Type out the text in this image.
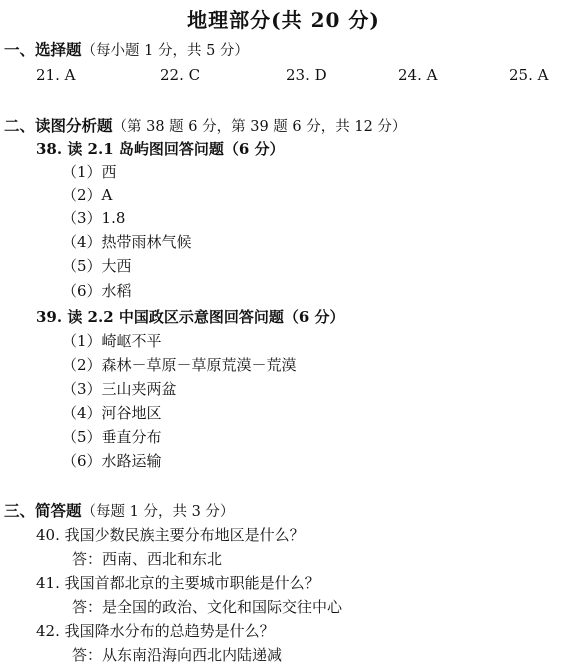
地理部分(共 20 分)
一、选择题（每小题 1 分，共 5 分）
21. A	22. C	23. D	24. A	25. A
二、读图分析题（第 38 题 6 分，第 39 题 6 分，共 12 分）
38. 读 2.1 岛屿图回答问题（6 分）
（1）西
（2）A
（3）1.8
（4）热带雨林气候
（5）大西
（6）水稻
39. 读 2.2 中国政区示意图回答问题（6 分）
（1）崎岖不平
（2）森林－草原－草原荒漠－荒漠
（3）三山夹两盆
（4）河谷地区
（5）垂直分布
（6）水路运输
三、简答题（每题 1 分，共 3 分）
40. 我国少数民族主要分布地区是什么？
答：西南、西北和东北
41. 我国首都北京的主要城市职能是什么？
答：是全国的政治、文化和国际交往中心
42. 我国降水分布的总趋势是什么？
答：从东南沿海向西北内陆递减
